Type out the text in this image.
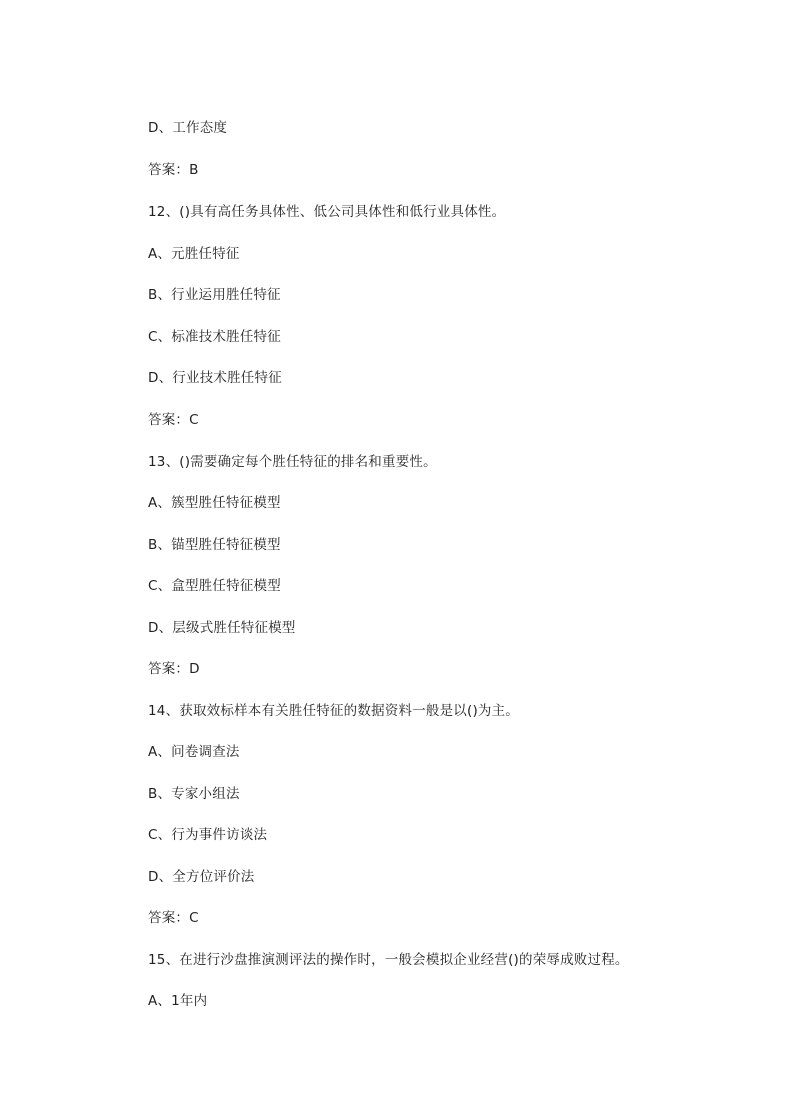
D、工作态度
答案：B
12、()具有高任务具体性、低公司具体性和低行业具体性。
A、元胜任特征
B、行业运用胜任特征
C、标准技术胜任特征
D、行业技术胜任特征
答案：C
13、()需要确定每个胜任特征的排名和重要性。
A、簇型胜任特征模型
B、锚型胜任特征模型
C、盒型胜任特征模型
D、层级式胜任特征模型
答案：D
14、获取效标样本有关胜任特征的数据资料一般是以()为主。
A、问卷调查法
B、专家小组法
C、行为事件访谈法
D、全方位评价法
答案：C
15、在进行沙盘推演测评法的操作时，一般会模拟企业经营()的荣辱成败过程。
A、1年内
